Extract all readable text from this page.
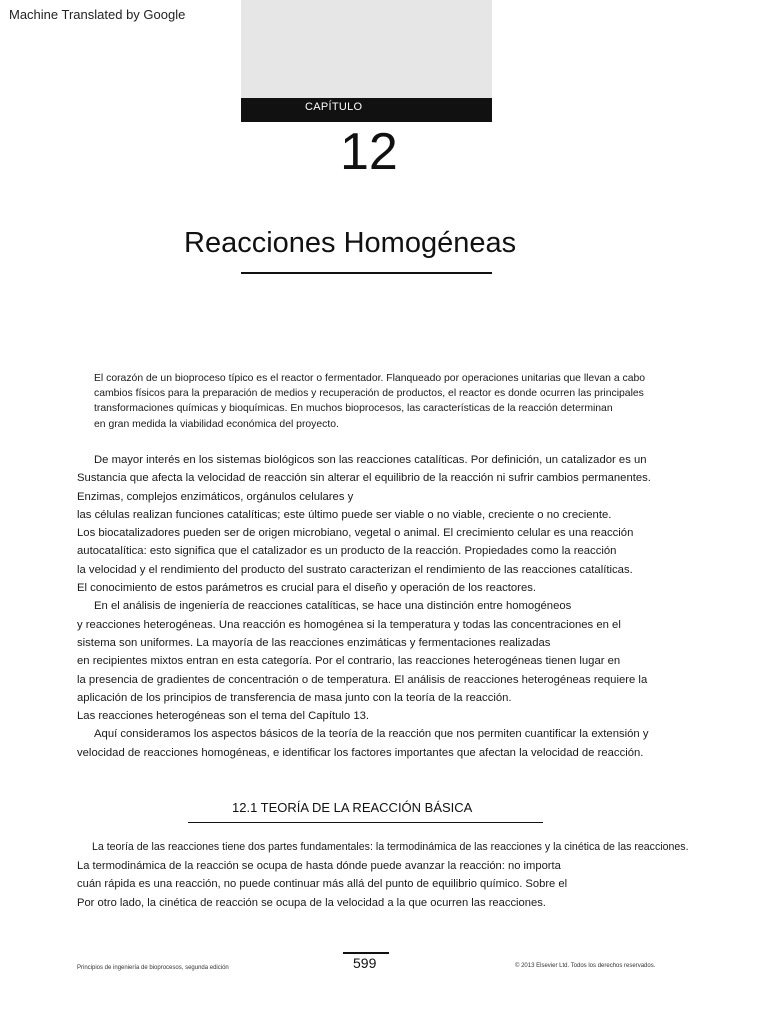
Machine Translated by Google
CAPÍTULO
12
Reacciones Homogéneas
El corazón de un bioproceso típico es el reactor o fermentador. Flanqueado por operaciones unitarias que llevan a cabo
cambios físicos para la preparación de medios y recuperación de productos, el reactor es donde ocurren las principales
transformaciones químicas y bioquímicas. En muchos bioprocesos, las características de la reacción determinan
en gran medida la viabilidad económica del proyecto.
De mayor interés en los sistemas biológicos son las reacciones catalíticas. Por definición, un catalizador es un
Sustancia que afecta la velocidad de reacción sin alterar el equilibrio de la reacción ni sufrir cambios permanentes.
Enzimas, complejos enzimáticos, orgánulos celulares y
las células realizan funciones catalíticas; este último puede ser viable o no viable, creciente o no creciente.
Los biocatalizadores pueden ser de origen microbiano, vegetal o animal. El crecimiento celular es una reacción
autocatalítica: esto significa que el catalizador es un producto de la reacción. Propiedades como la reacción
la velocidad y el rendimiento del producto del sustrato caracterizan el rendimiento de las reacciones catalíticas.
El conocimiento de estos parámetros es crucial para el diseño y operación de los reactores.
En el análisis de ingeniería de reacciones catalíticas, se hace una distinción entre homogéneos
y reacciones heterogéneas. Una reacción es homogénea si la temperatura y todas las concentraciones en el
sistema son uniformes. La mayoría de las reacciones enzimáticas y fermentaciones realizadas
en recipientes mixtos entran en esta categoría. Por el contrario, las reacciones heterogéneas tienen lugar en
la presencia de gradientes de concentración o de temperatura. El análisis de reacciones heterogéneas requiere la
aplicación de los principios de transferencia de masa junto con la teoría de la reacción.
Las reacciones heterogéneas son el tema del Capítulo 13.
Aquí consideramos los aspectos básicos de la teoría de la reacción que nos permiten cuantificar la extensión y
velocidad de reacciones homogéneas, e identificar los factores importantes que afectan la velocidad de reacción.
12.1 TEORÍA DE LA REACCIÓN BÁSICA
La teoría de las reacciones tiene dos partes fundamentales: la termodinámica de las reacciones y la cinética de las reacciones.
La termodinámica de la reacción se ocupa de hasta dónde puede avanzar la reacción: no importa
cuán rápida es una reacción, no puede continuar más allá del punto de equilibrio químico. Sobre el
Por otro lado, la cinética de reacción se ocupa de la velocidad a la que ocurren las reacciones.
Principios de ingeniería de bioprocesos, segunda edición	599	© 2013 Elsevier Ltd. Todos los derechos reservados.
